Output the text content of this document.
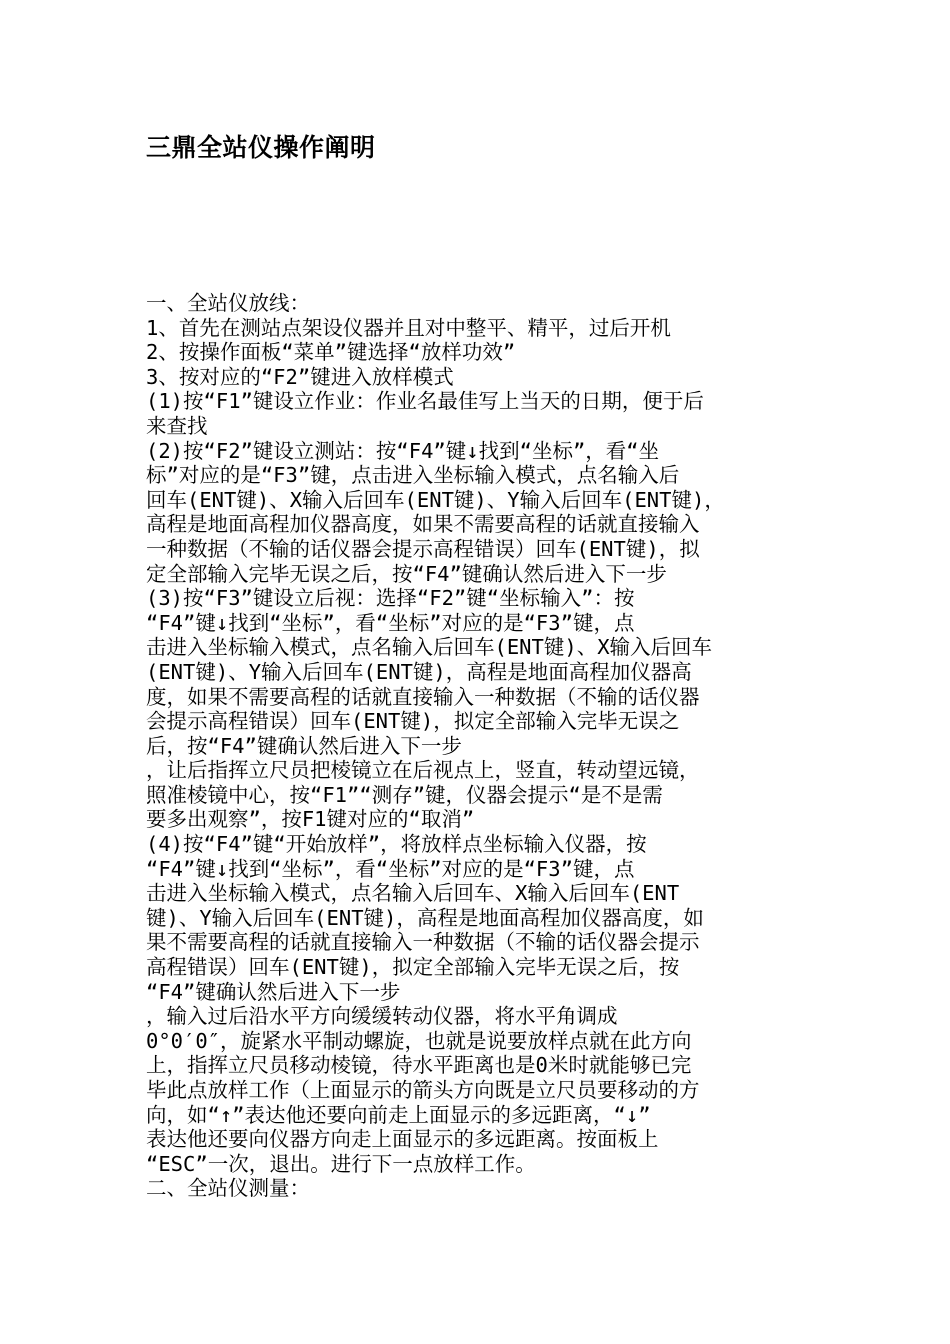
三鼎全站仪操作阐明
一、全站仪放线：
1、首先在测站点架设仪器并且对中整平、精平，过后开机
2、按操作面板“菜单”键选择“放样功效”
3、按对应的“F2”键进入放样模式
(1)按“F1”键设立作业：作业名最佳写上当天的日期，便于后
来查找
(2)按“F2”键设立测站：按“F4”键↓找到“坐标”，看“坐
标”对应的是“F3”键，点击进入坐标输入模式，点名输入后
回车(ENT键)、X输入后回车(ENT键)、Y输入后回车(ENT键)，
高程是地面高程加仪器高度，如果不需要高程的话就直接输入
一种数据（不输的话仪器会提示高程错误）回车(ENT键)，拟
定全部输入完毕无误之后，按“F4”键确认然后进入下一步
(3)按“F3”键设立后视：选择“F2”键“坐标输入”：按
“F4”键↓找到“坐标”，看“坐标”对应的是“F3”键，点
击进入坐标输入模式，点名输入后回车(ENT键)、X输入后回车
(ENT键)、Y输入后回车(ENT键)，高程是地面高程加仪器高
度，如果不需要高程的话就直接输入一种数据（不输的话仪器
会提示高程错误）回车(ENT键)，拟定全部输入完毕无误之
后，按“F4”键确认然后进入下一步
，让后指挥立尺员把棱镜立在后视点上，竖直，转动望远镜，
照准棱镜中心，按“F1”“测存”键，仪器会提示“是不是需
要多出观察”，按F1键对应的“取消”
(4)按“F4”键“开始放样”，将放样点坐标输入仪器，按
“F4”键↓找到“坐标”，看“坐标”对应的是“F3”键，点
击进入坐标输入模式，点名输入后回车、X输入后回车(ENT
键)、Y输入后回车(ENT键)，高程是地面高程加仪器高度，如
果不需要高程的话就直接输入一种数据（不输的话仪器会提示
高程错误）回车(ENT键)，拟定全部输入完毕无误之后，按
“F4”键确认然后进入下一步
，输入过后沿水平方向缓缓转动仪器，将水平角调成
0°0′0″，旋紧水平制动螺旋，也就是说要放样点就在此方向
上，指挥立尺员移动棱镜，待水平距离也是0米时就能够已完
毕此点放样工作（上面显示的箭头方向既是立尺员要移动的方
向，如“↑”表达他还要向前走上面显示的多远距离，“↓”
表达他还要向仪器方向走上面显示的多远距离。按面板上
“ESC”一次，退出。进行下一点放样工作。
二、全站仪测量：
